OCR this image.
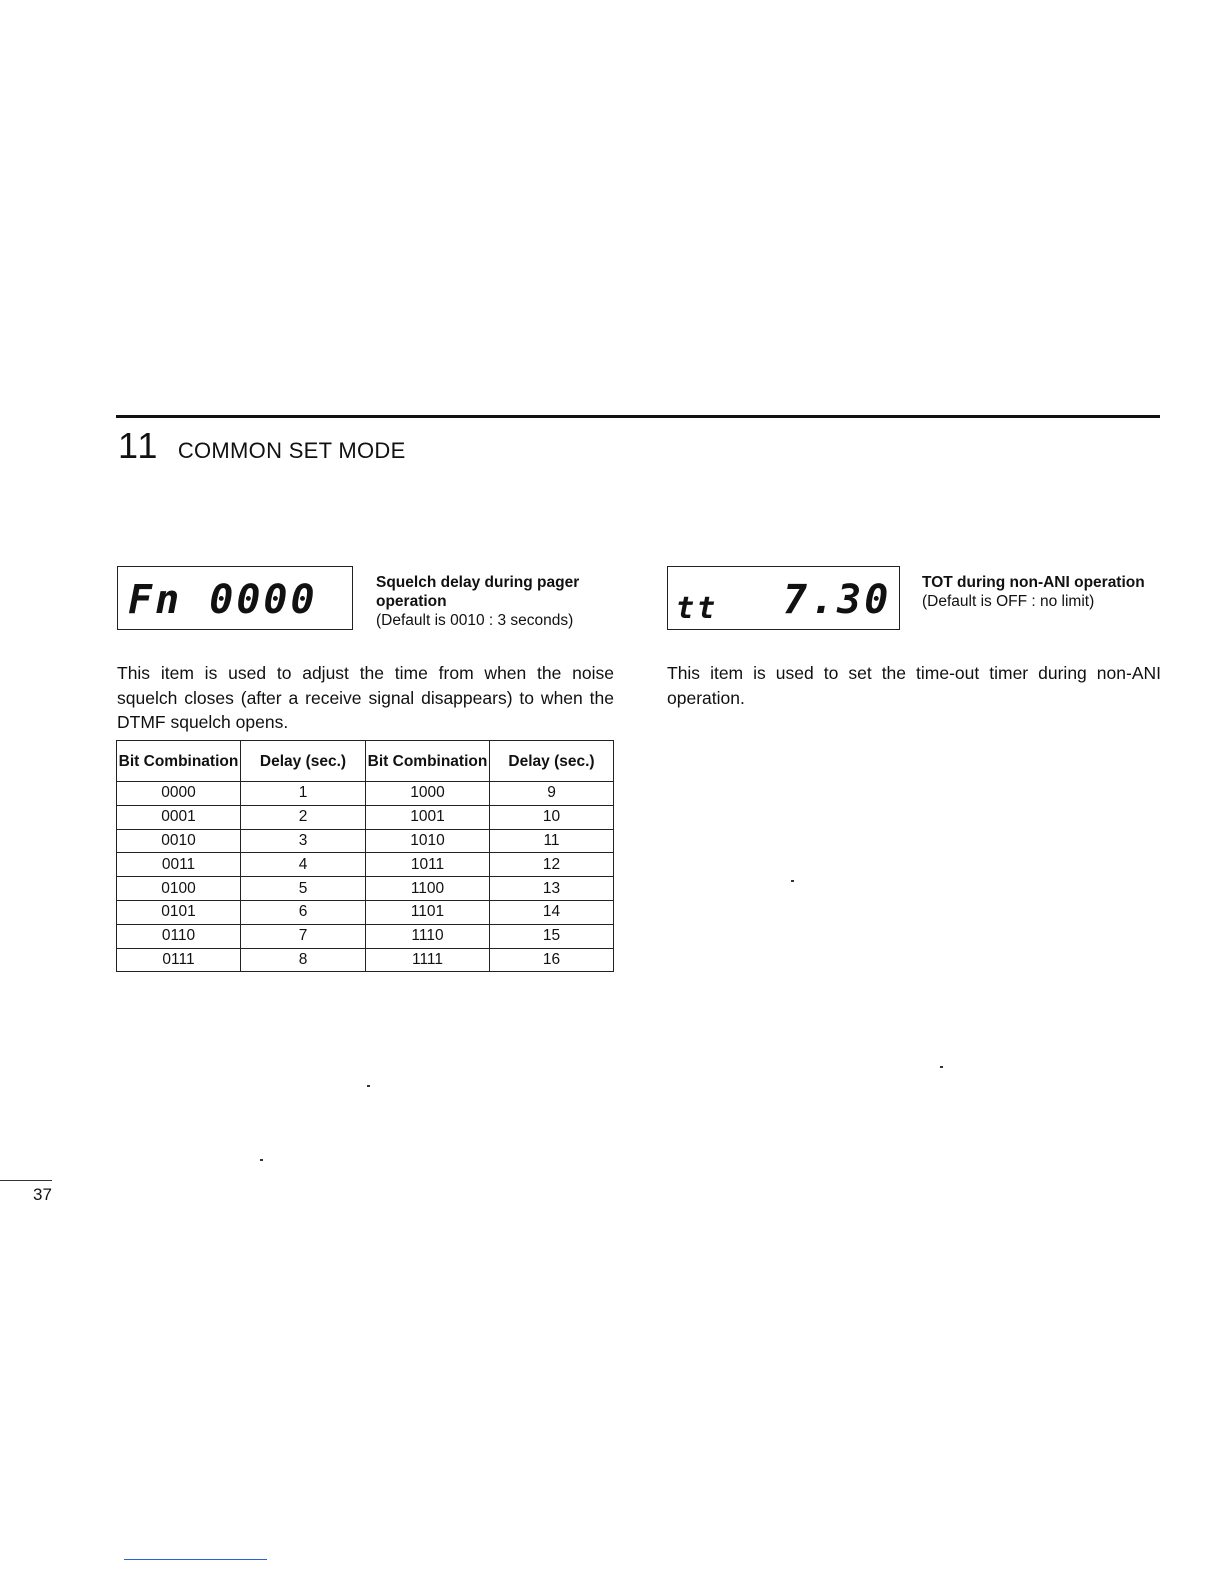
11 COMMON SET MODE
Fn 0000	Squelch delay during pager operation
(Default is 0010 : 3 seconds)
This item is used to adjust the time from when the noise squelch closes (after a receive signal disappears) to when the DTMF squelch opens.
Bit Combination	Delay (sec.)	Bit Combination	Delay (sec.)
0000	1	1000	9
0001	2	1001	10
0010	3	1010	11
0011	4	1011	12
0100	5	1100	13
0101	6	1101	14
0110	7	1110	15
0111	8	1111	16
tt 7.30 TOT during non-ANI operation
(Default is OFF : no limit)
This item is used to set the time-out timer during non-ANI operation.
37
